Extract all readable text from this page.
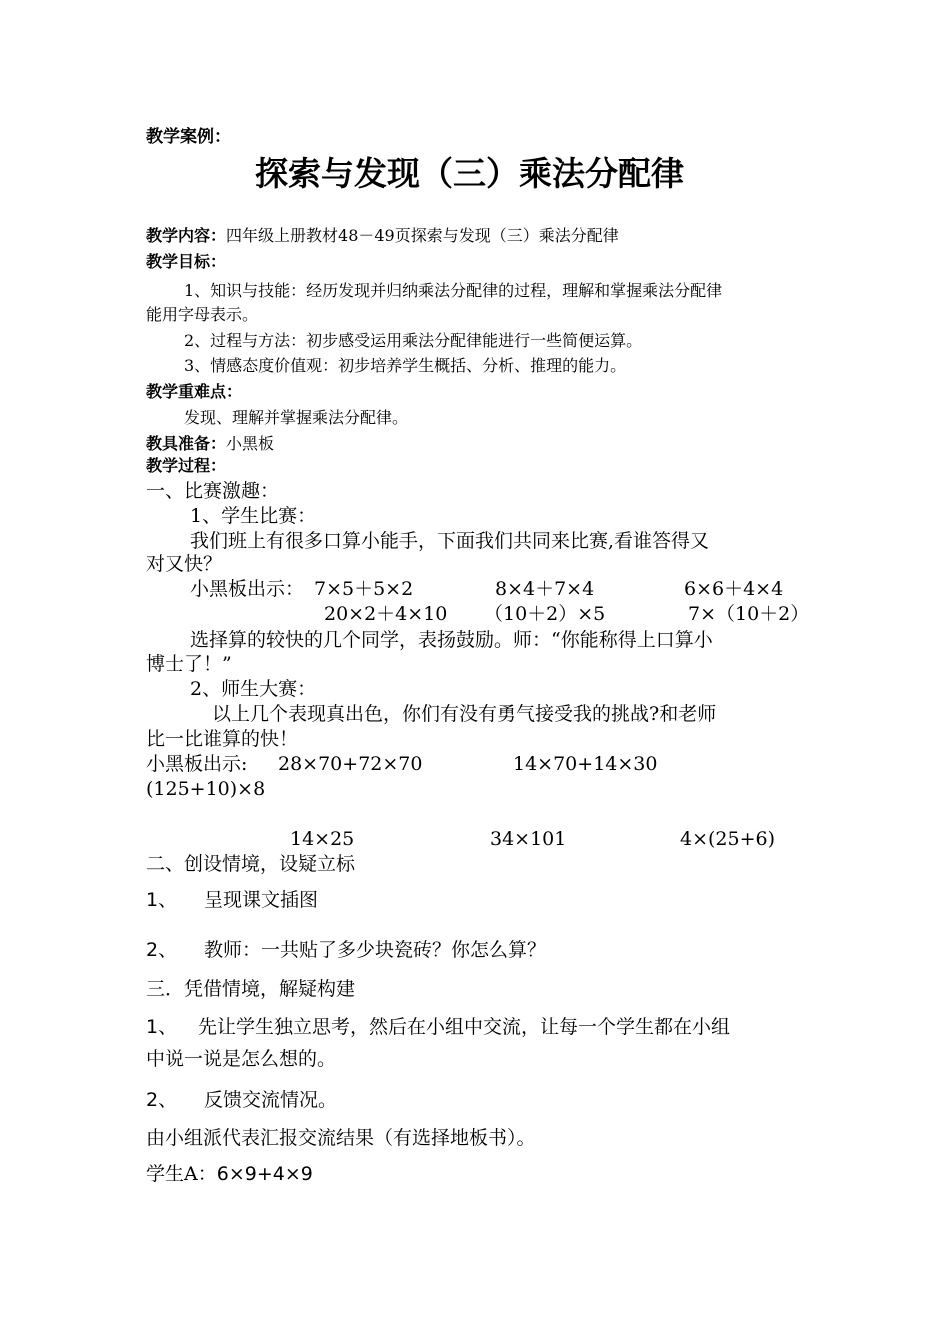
教学案例：
探索与发现（三）乘法分配律
教学内容：四年级上册教材48－49页探索与发现（三）乘法分配律
教学目标：
1、知识与技能：经历发现并归纳乘法分配律的过程，理解和掌握乘法分配律
能用字母表示。
2、过程与方法：初步感受运用乘法分配律能进行一些简便运算。
3、情感态度价值观：初步培养学生概括、分析、推理的能力。
教学重难点：
发现、理解并掌握乘法分配律。
教具准备：小黑板
教学过程：
一、比赛激趣：
1、学生比赛：
我们班上有很多口算小能手，下面我们共同来比赛,看谁答得又
对又快？
小黑板出示： 7×5＋5×2	8×4＋7×4	6×6＋4×4
20×2＋4×10 （10＋2）×5	7×（10＋2）
选择算的较快的几个同学，表扬鼓励。师：“你能称得上口算小
博士了！”
2、师生大赛：
以上几个表现真出色，你们有没有勇气接受我的挑战?和老师
比一比谁算的快！
小黑板出示: 28×70+72×70	14×70+14×30
(125+10)×8
14×25	34×101	4×(25+6)
二、创设情境，设疑立标
1、 呈现课文插图
2、 教师：一共贴了多少块瓷砖？你怎么算？
三．凭借情境，解疑构建
1、 先让学生独立思考，然后在小组中交流，让每一个学生都在小组
中说一说是怎么想的。
2、 反馈交流情况。
由小组派代表汇报交流结果（有选择地板书）。
学生A：6×9+4×9
